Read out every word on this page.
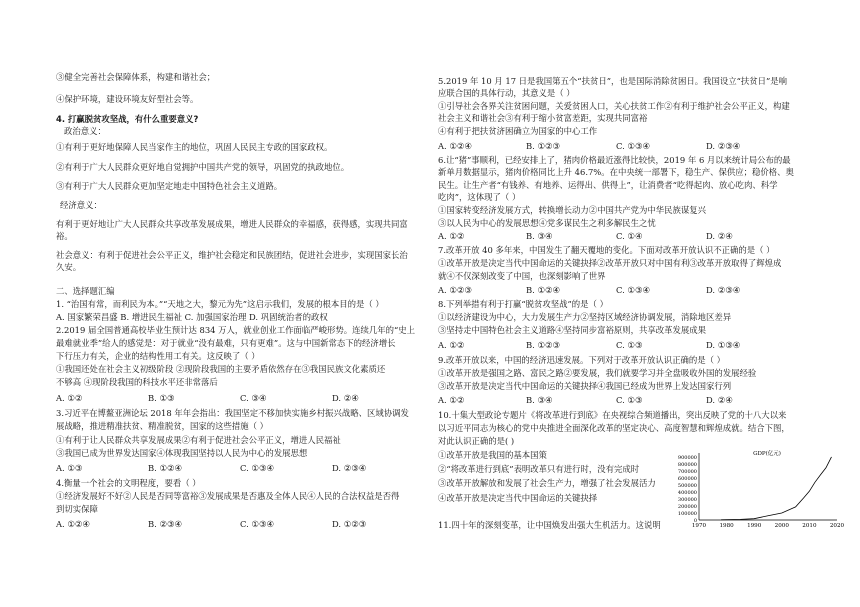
③健全完善社会保障体系，构建和谐社会；
④保护环境，建设环境友好型社会等。
4. 打赢脱贫攻坚战，有什么重要意义?
政治意义：
①有利于更好地保障人民当家作主的地位，巩固人民民主专政的国家政权。
②有利于广大人民群众更好地自觉拥护中国共产党的领导，巩固党的执政地位。
③有利于广大人民群众更加坚定地走中国特色社会主义道路。
经济意义：
有利于更好地让广大人民群众共享改革发展成果，增进人民群众的幸福感，获得感，实现共同富
裕。
社会意义：有利于促进社会公平正义，维护社会稳定和民族团结，促进社会进步，实现国家长治
久安。
二、选择题汇编
1. “治国有常，而利民为本。”“天地之大，黎元为先”这启示我们，发展的根本目的是（ ）
A. 国家繁荣昌盛 B. 增进民生福祉 C. 加强国家治理 D. 巩固统治者的政权
2.2019 届全国普通高校毕业生预计达 834 万人，就业创业工作面临严峻形势。连续几年的“史上
最难就业季”给人的感觉是：对于就业“没有最难，只有更难”。这与中国新常态下的经济增长
下行压力有关，企业的结构性用工有关。这反映了（ ）
①我国还处在社会主义初级阶段 ②现阶段我国的主要矛盾依然存在③我国民族文化素质还
不够高 ④现阶段我国的科技水平还非常落后
A. ①②	B. ①③	C. ③④	D. ②④
3.习近平在博鳌亚洲论坛 2018 年年会指出：我国坚定不移加快实施乡村振兴战略、区域协调发
展战略，推进精准扶贫、精准脱贫，国家的这些措施（ ）
①有利于让人民群众共享发展成果②有利于促进社会公平正义，增进人民福祉
③我国已成为世界发达国家④体现我国坚持以人民为中心的发展思想
A. ①③	B. ①②④	C. ①③④	D. ②③④
4.衡量一个社会的文明程度，要看（ ）
①经济发展好不好②人民是否同等富裕③发展成果是否惠及全体人民④人民的合法权益是否得
到切实保障
A. ①②④	B. ②③④	C. ①③④	D. ①②③
5.2019 年 10 月 17 日是我国第五个“扶贫日”，也是国际消除贫困日。我国设立“扶贫日”是响
应联合国的具体行动，其意义是（ ）
①引导社会各界关注贫困问题，关爱贫困人口，关心扶贫工作②有利于维护社会公平正义，构建
社会主义和谐社会③有利于缩小贫富差距，实现共同富裕
④有利于把扶贫济困确立为国家的中心工作
A. ①②④	B. ①②③	C. ①③④	D. ②③④
6.让“猪”事顺利，已经安排上了，猪肉价格最近涨得比较快，2019 年 6 月以来统计局公布的最
新单月数据显示，猪肉价格同比上升 46.7%。在中央统一部署下，稳生产、保供应；稳价格、奥
民生。让生产者“有钱养、有地养、运得出、供得上”，让消费者“吃得起肉、放心吃肉、科学
吃肉”，这体现了（ ）
①国家转变经济发展方式，转换增长动力②中国共产党为中华民族谋复兴
③以人民为中心的发展思想④党多谋民生之利多解民生之忧
A. ①②	B. ③④	C. ①④	D. ②④
7.改革开放 40 多年来，中国发生了翻天覆地的变化。下面对改革开放认识不正确的是（ ）
①改革开放是决定当代中国命运的关键抉择②改革开放只对中国有利③改革开放取得了辉煌成
就④不仅深刻改变了中国，也深刻影响了世界
A. ①②③	B. ①②④	C. ①③④	D. ②③④
8.下列举措有利于打赢“脱贫攻坚战”的是（ ）
①以经济建设为中心，大力发展生产力②坚持区域经济协调发展，消除地区差异
③坚持走中国特色社会主义道路④坚持同步富裕原则，共享改革发展成果
A. ①②	B. ①②③	C. ①③	D. ①③④
9.改革开放以来，中国的经济迅速发展。下列对于改革开放认识正确的是（ ）
①改革开放是强国之路、富民之路②要发展，我们就要学习并全盘吸收外国的发展经验
③改革开放是决定当代中国命运的关键抉择④我国已经成为世界上发达国家行列
A. ①②	B. ③④	C. ①③	D. ②④
10.十集大型政论专题片《将改革进行到底》在央视综合频道播出，突出反映了党的十八大以来
以习近平同志为核心的党中央推进全面深化改革的坚定决心、高度智慧和辉煌成就。结合下图，
对此认识正确的是( )
①改革开放是我国的基本国策
②“将改革进行到底”表明改革只有进行时，没有完成时
③改革开放解放和发展了社会生产力，增强了社会发展活力
④改革开放是决定当代中国命运的关键抉择
11.四十年的深刻变革，让中国焕发出强大生机活力。这说明
GDP(亿元)
0
100000
200000
300000
400000
500000
600000
700000
800000
900000
1970 1980 1990 2000 2010 2020
